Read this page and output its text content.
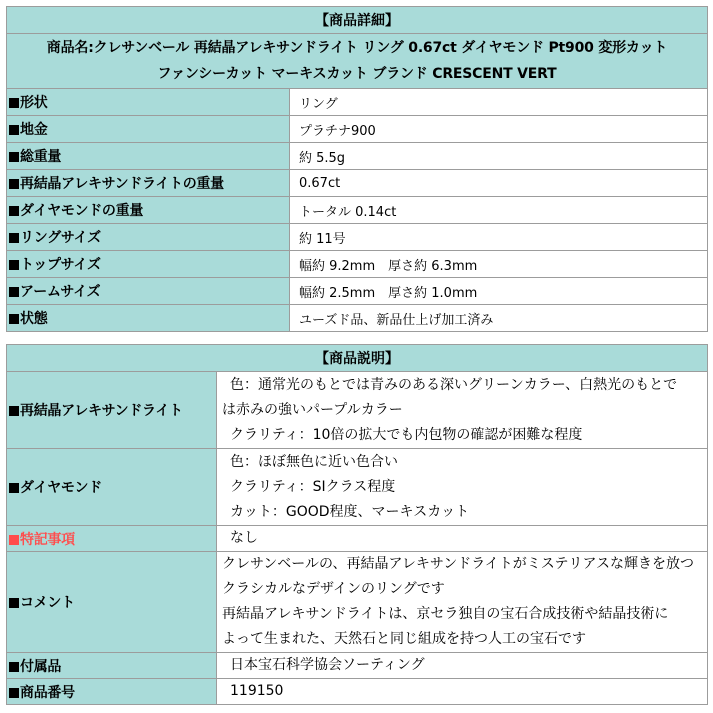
【商品詳細】	

商品名:クレサンベール 再結晶アレキサンドライト リング 0.67ct ダイヤモンド Pt900 変形カット
ファンシーカット マーキスカット ブランド CRESCENT VERT	

形状	リング
地金	プラチナ900
総重量	約 5.5g
再結晶アレキサンドライトの重量	0.67ct
ダイヤモンドの重量	トータル 0.14ct
リングサイズ	約 11号
トップサイズ	幅約 9.2mm　厚さ約 6.3mm
アームサイズ	幅約 2.5mm　厚さ約 1.0mm
状態	ユーズド品、新品仕上げ加工済み
【商品説明】	
再結晶アレキサンドライト	色：通常光のもとでは青みのある深いグリーンカラー、白熱光のもとで
は赤みの強いパープルカラー
クラリティ：10倍の拡大でも内包物の確認が困難な程度

ダイヤモンド	色：ほぼ無色に近い色合い
クラリティ：SIクラス程度
カット：GOOD程度、マーキスカット

特記事項	なし
コメント	クレサンベールの、再結晶アレキサンドライトがミステリアスな輝きを放つ
クラシカルなデザインのリングです
再結晶アレキサンドライトは、京セラ独自の宝石合成技術や結晶技術に
よって生まれた、天然石と同じ組成を持つ人工の宝石です

付属品	日本宝石科学協会ソーティング
商品番号	119150
